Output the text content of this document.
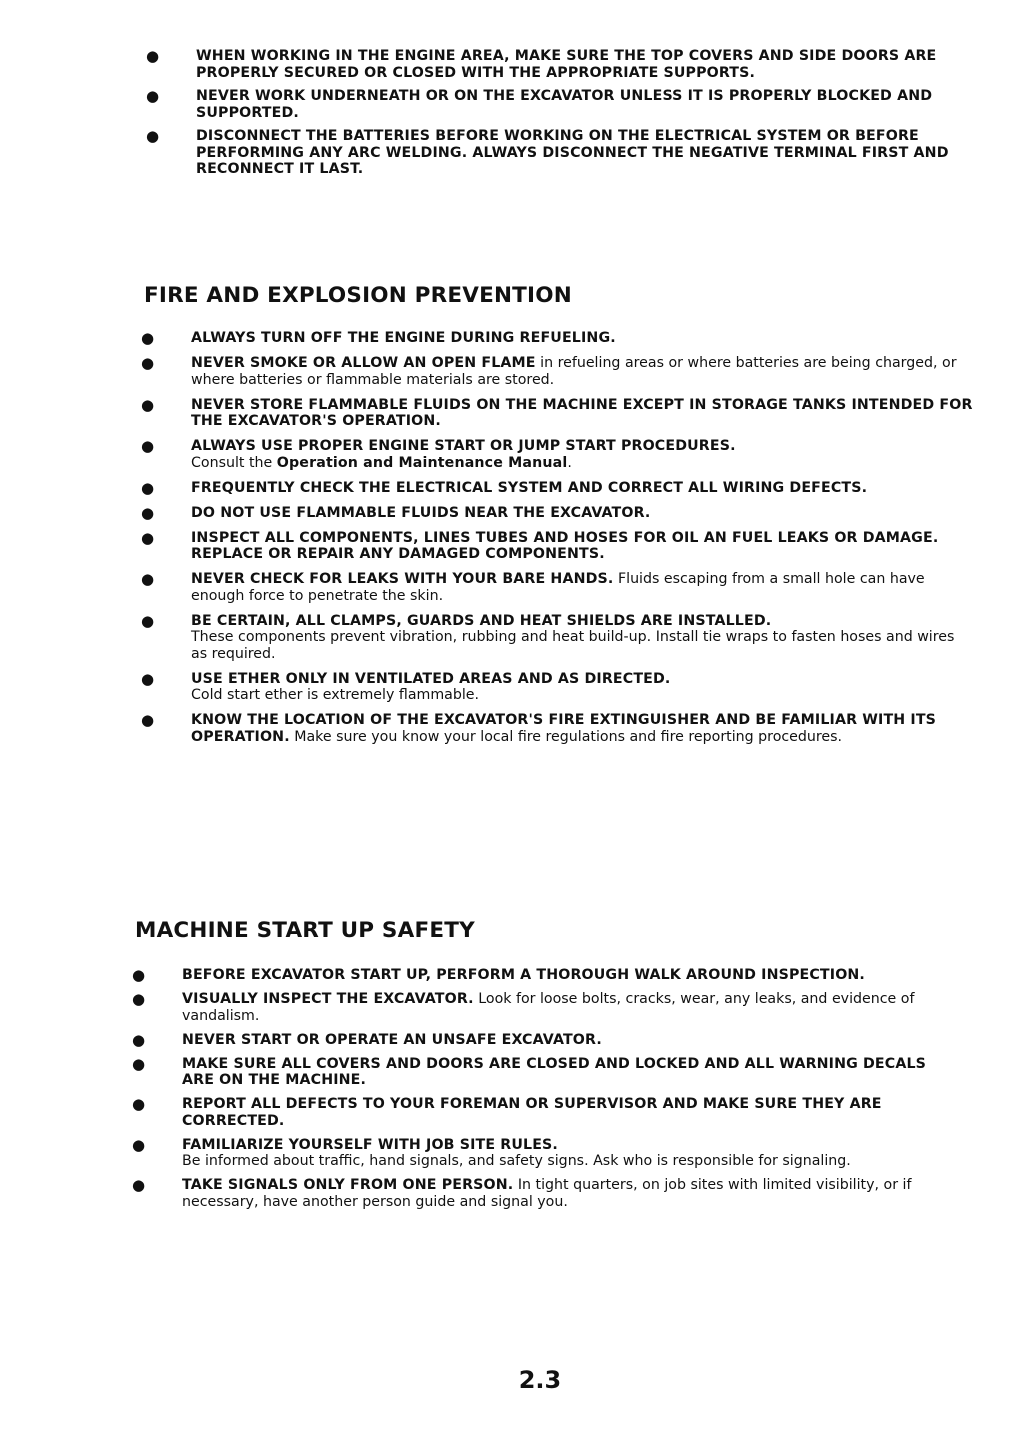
●	WHEN WORKING IN THE ENGINE AREA, MAKE SURE THE TOP COVERS AND SIDE DOORS ARE PROPERLY SECURED OR CLOSED WITH THE APPROPRIATE SUPPORTS.
●	NEVER WORK UNDERNEATH OR ON THE EXCAVATOR UNLESS IT IS PROPERLY BLOCKED AND SUPPORTED.
●	DISCONNECT THE BATTERIES BEFORE WORKING ON THE ELECTRICAL SYSTEM OR BEFORE PERFORMING ANY ARC WELDING. ALWAYS DISCONNECT THE NEGATIVE TERMINAL FIRST AND RECONNECT IT LAST.
FIRE AND EXPLOSION PREVENTION
●	ALWAYS TURN OFF THE ENGINE DURING REFUELING.
●	NEVER SMOKE OR ALLOW AN OPEN FLAME in refueling areas or where batteries are being charged, or where batteries or flammable materials are stored.
●	NEVER STORE FLAMMABLE FLUIDS ON THE MACHINE EXCEPT IN STORAGE TANKS INTENDED FOR THE EXCAVATOR'S OPERATION.
●	ALWAYS USE PROPER ENGINE START OR JUMP START PROCEDURES.
Consult the Operation and Maintenance Manual.
●	FREQUENTLY CHECK THE ELECTRICAL SYSTEM AND CORRECT ALL WIRING DEFECTS.
●	DO NOT USE FLAMMABLE FLUIDS NEAR THE EXCAVATOR.
●	INSPECT ALL COMPONENTS, LINES TUBES AND HOSES FOR OIL AN FUEL LEAKS OR DAMAGE. REPLACE OR REPAIR ANY DAMAGED COMPONENTS.
●	NEVER CHECK FOR LEAKS WITH YOUR BARE HANDS. Fluids escaping from a small hole can have enough force to penetrate the skin.
●	BE CERTAIN, ALL CLAMPS, GUARDS AND HEAT SHIELDS ARE INSTALLED.
These components prevent vibration, rubbing and heat build-up. Install tie wraps to fasten hoses and wires as required.
●	USE ETHER ONLY IN VENTILATED AREAS AND AS DIRECTED.
Cold start ether is extremely flammable.
●	KNOW THE LOCATION OF THE EXCAVATOR'S FIRE EXTINGUISHER AND BE FAMILIAR WITH ITS OPERATION. Make sure you know your local fire regulations and fire reporting procedures.
MACHINE START UP SAFETY
●	BEFORE EXCAVATOR START UP, PERFORM A THOROUGH WALK AROUND INSPECTION.
●	VISUALLY INSPECT THE EXCAVATOR. Look for loose bolts, cracks, wear, any leaks, and evidence of vandalism.
●	NEVER START OR OPERATE AN UNSAFE EXCAVATOR.
●	MAKE SURE ALL COVERS AND DOORS ARE CLOSED AND LOCKED AND ALL WARNING DECALS ARE ON THE MACHINE.
●	REPORT ALL DEFECTS TO YOUR FOREMAN OR SUPERVISOR AND MAKE SURE THEY ARE CORRECTED.
●	FAMILIARIZE YOURSELF WITH JOB SITE RULES.
Be informed about traffic, hand signals, and safety signs. Ask who is responsible for signaling.
●	TAKE SIGNALS ONLY FROM ONE PERSON. In tight quarters, on job sites with limited visibility, or if necessary, have another person guide and signal you.
2.3
